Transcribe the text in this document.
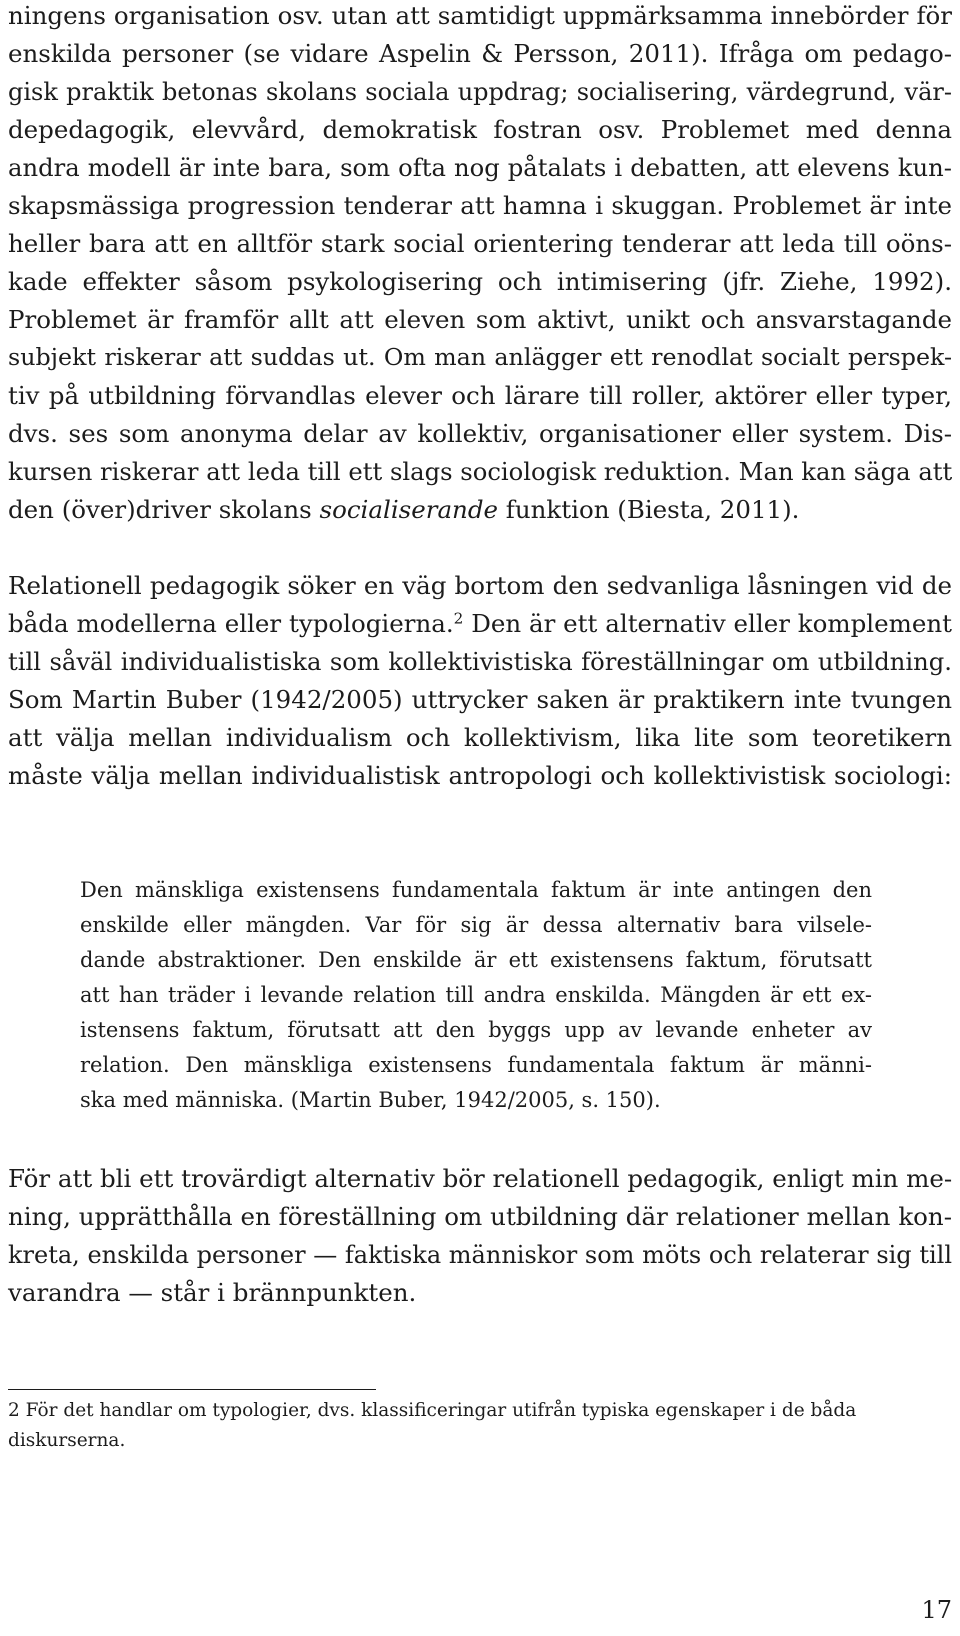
ningens organisation osv. utan att samtidigt uppmärksamma innebörder för
enskilda personer (se vidare Aspelin & Persson, 2011). Ifråga om pedago-
gisk praktik betonas skolans sociala uppdrag; socialisering, värdegrund, vär-
depedagogik, elevvård, demokratisk fostran osv. Problemet med denna
andra modell är inte bara, som ofta nog påtalats i debatten, att elevens kun-
skapsmässiga progression tenderar att hamna i skuggan. Problemet är inte
heller bara att en alltför stark social orientering tenderar att leda till oöns-
kade effekter såsom psykologisering och intimisering (jfr. Ziehe, 1992).
Problemet är framför allt att eleven som aktivt, unikt och ansvarstagande
subjekt riskerar att suddas ut. Om man anlägger ett renodlat socialt perspek-
tiv på utbildning förvandlas elever och lärare till roller, aktörer eller typer,
dvs. ses som anonyma delar av kollektiv, organisationer eller system. Dis-
kursen riskerar att leda till ett slags sociologisk reduktion. Man kan säga att
den (över)driver skolans socialiserande funktion (Biesta, 2011).
Relationell pedagogik söker en väg bortom den sedvanliga låsningen vid de
båda modellerna eller typologierna.$^2$ Den är ett alternativ eller komplement
till såväl individualistiska som kollektivistiska föreställningar om utbildning.
Som Martin Buber (1942/2005) uttrycker saken är praktikern inte tvungen
att välja mellan individualism och kollektivism, lika lite som teoretikern
måste välja mellan individualistisk antropologi och kollektivistisk sociologi:
Den mänskliga existensens fundamentala faktum är inte antingen den
enskilde eller mängden. Var för sig är dessa alternativ bara vilsele-
dande abstraktioner. Den enskilde är ett existensens faktum, förutsatt
att han träder i levande relation till andra enskilda. Mängden är ett ex-
istensens faktum, förutsatt att den byggs upp av levande enheter av
relation. Den mänskliga existensens fundamentala faktum är männi-
ska med människa. (Martin Buber, 1942/2005, s. 150).
För att bli ett trovärdigt alternativ bör relationell pedagogik, enligt min me-
ning, upprätthålla en föreställning om utbildning där relationer mellan kon-
kreta, enskilda personer — faktiska människor som möts och relaterar sig till
varandra — står i brännpunkten.
2 För det handlar om typologier, dvs. klassificeringar utifrån typiska egenskaper i de båda
diskurserna.
17
